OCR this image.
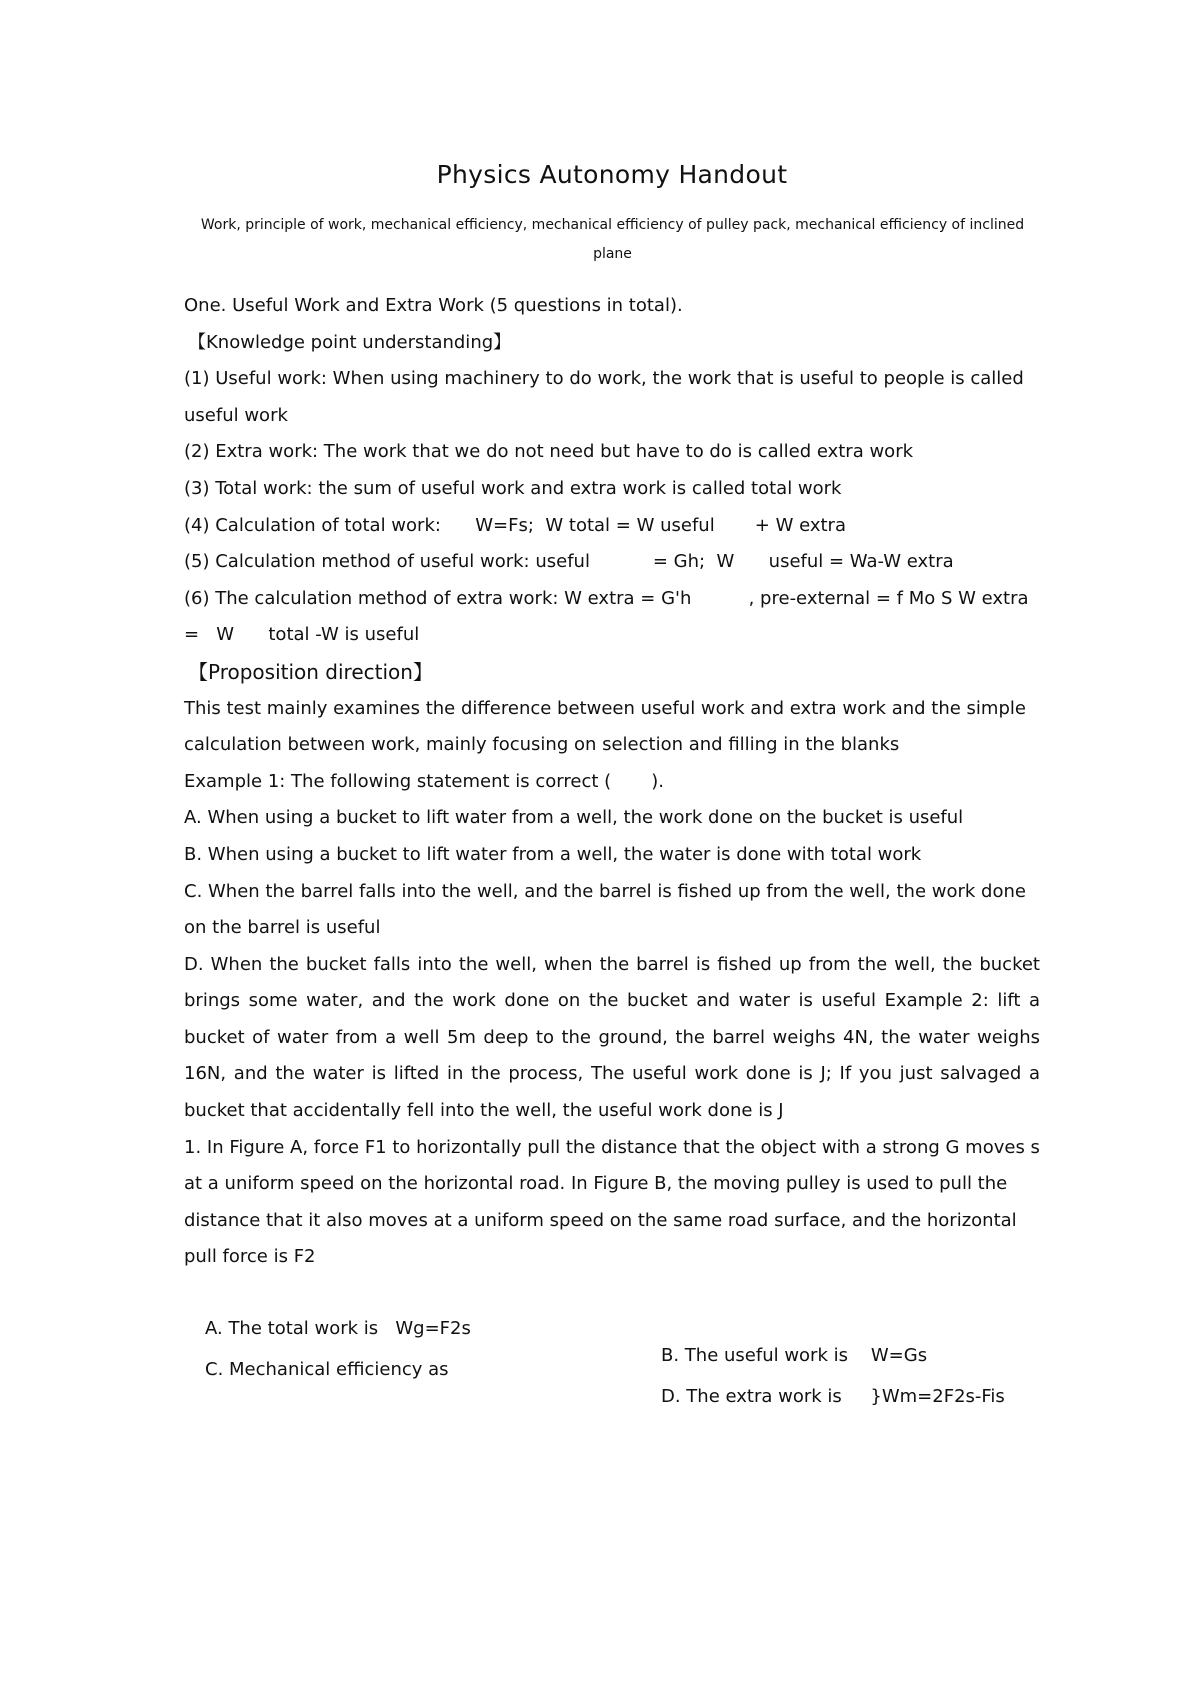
Physics Autonomy Handout
Work, principle of work, mechanical efficiency, mechanical efficiency of pulley pack, mechanical efficiency of inclined plane

One. Useful Work and Extra Work (5 questions in total).

【Knowledge point understanding】

(1) Useful work: When using machinery to do work, the work that is useful to people is called useful work

(2) Extra work: The work that we do not need but have to do is called extra work

(3) Total work: the sum of useful work and extra work is called total work

(4) Calculation of total work:      W=Fs;  W total = W useful       + W extra

(5) Calculation method of useful work: useful           = Gh;  W      useful = Wa-W extra

(6) The calculation method of extra work: W extra = G'h          , pre-external = f Mo S W extra =   W      total -W is useful

【Proposition direction】

This test mainly examines the difference between useful work and extra work and the simple calculation between work, mainly focusing on selection and filling in the blanks

Example 1: The following statement is correct (       ).

A. When using a bucket to lift water from a well, the work done on the bucket is useful

B. When using a bucket to lift water from a well, the water is done with total work

C. When the barrel falls into the well, and the barrel is fished up from the well, the work done on the barrel is useful

D. When the bucket falls into the well, when the barrel is fished up from the well, the bucket brings some water, and the work done on the bucket and water is useful Example 2: lift a bucket of water from a well 5m deep to the ground, the barrel weighs 4N, the water weighs 16N, and the water is lifted in the process, The useful work done is J; If you just salvaged a bucket that accidentally fell into the well, the useful work done is J

1. In Figure A, force F1 to horizontally pull the distance that the object with a strong G moves s at a uniform speed on the horizontal road. In Figure B, the moving pulley is used to pull the distance that it also moves at a uniform speed on the same road surface, and the horizontal pull force is F2

A. The total work is   Wg=F2s
C. Mechanical efficiency as
B. The useful work is    W=Gs
D. The extra work is     }Wm=2F2s-Fis
